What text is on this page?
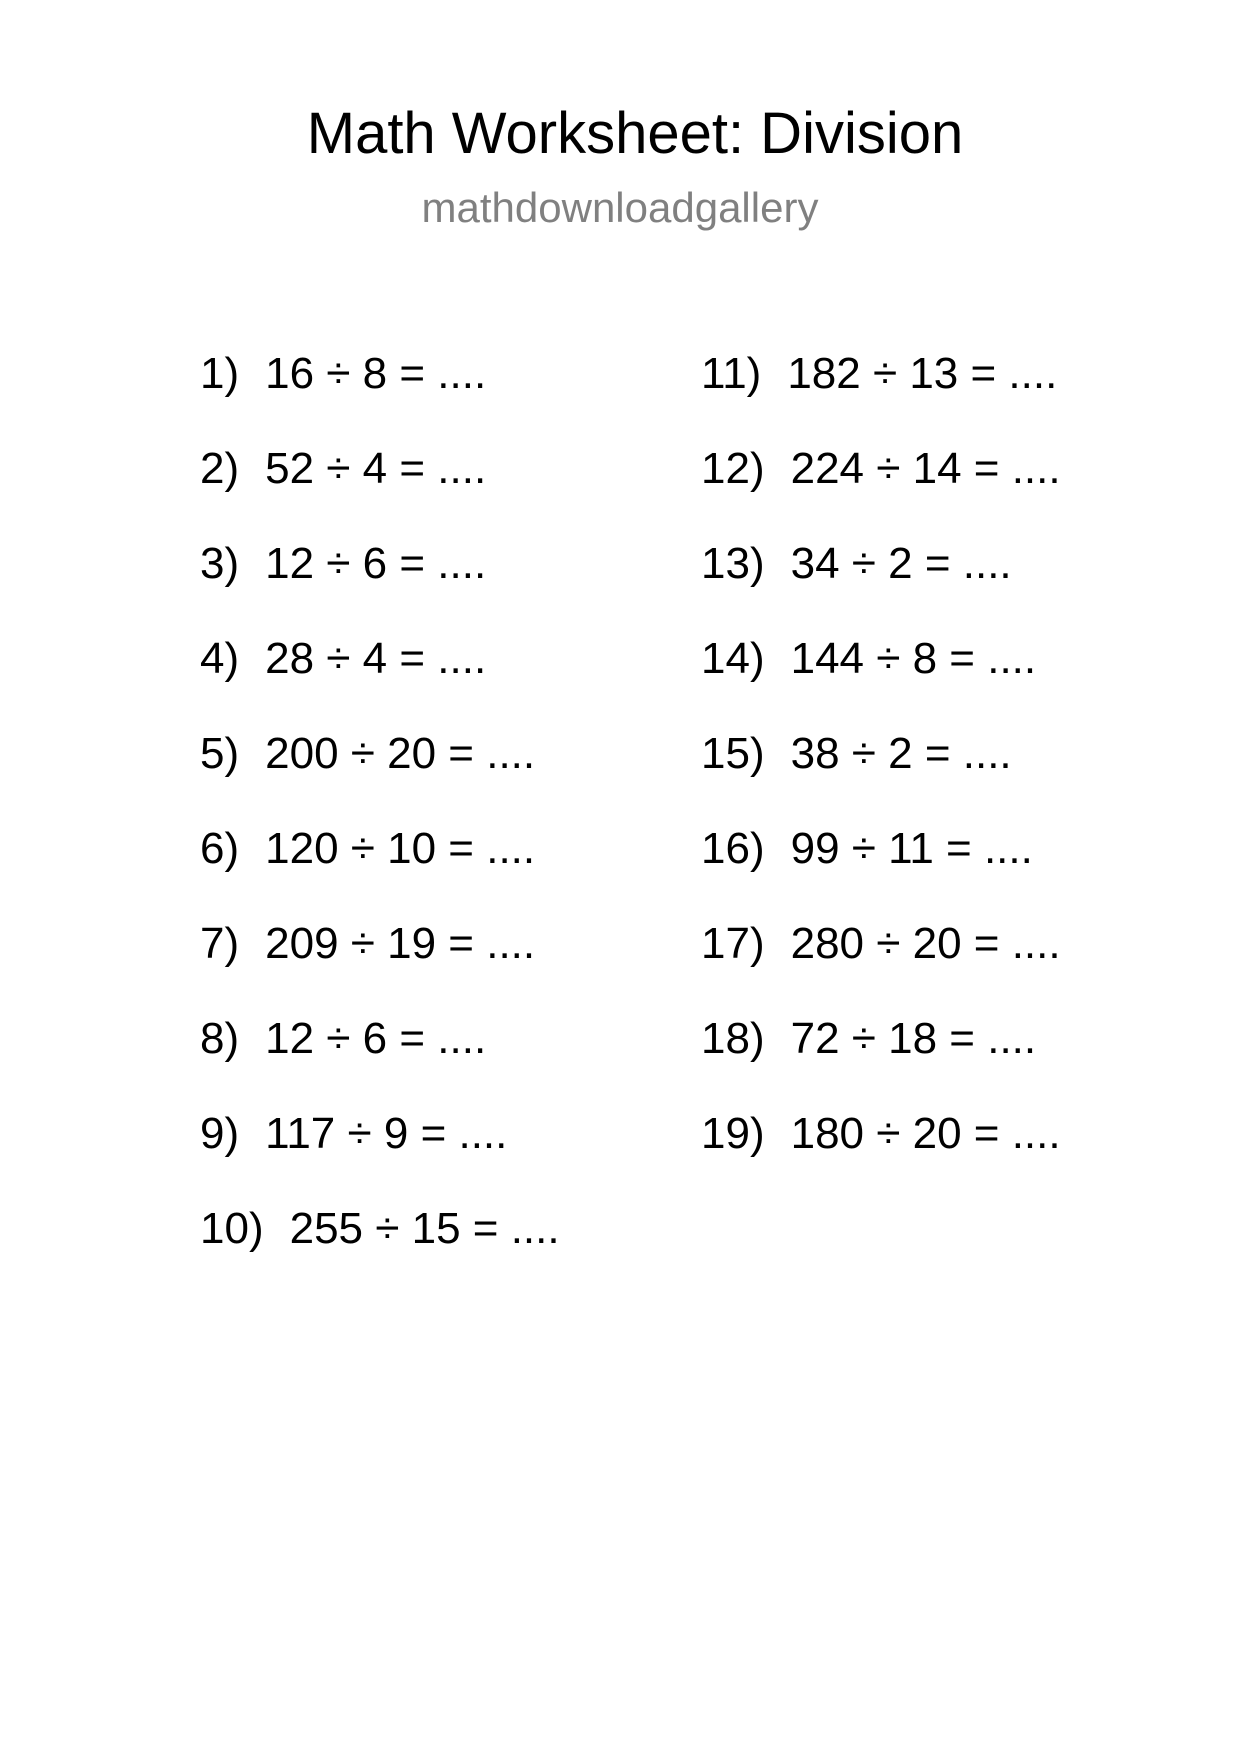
Math Worksheet: Division
mathdownloadgallery
1) 16 ÷ 8 = ....
2) 52 ÷ 4 = ....
3) 12 ÷ 6 = ....
4) 28 ÷ 4 = ....
5) 200 ÷ 20 = ....
6) 120 ÷ 10 = ....
7) 209 ÷ 19 = ....
8) 12 ÷ 6 = ....
9) 117 ÷ 9 = ....
10) 255 ÷ 15 = ....
11) 182 ÷ 13 = ....
12) 224 ÷ 14 = ....
13) 34 ÷ 2 = ....
14) 144 ÷ 8 = ....
15) 38 ÷ 2 = ....
16) 99 ÷ 11 = ....
17) 280 ÷ 20 = ....
18) 72 ÷ 18 = ....
19) 180 ÷ 20 = ....
